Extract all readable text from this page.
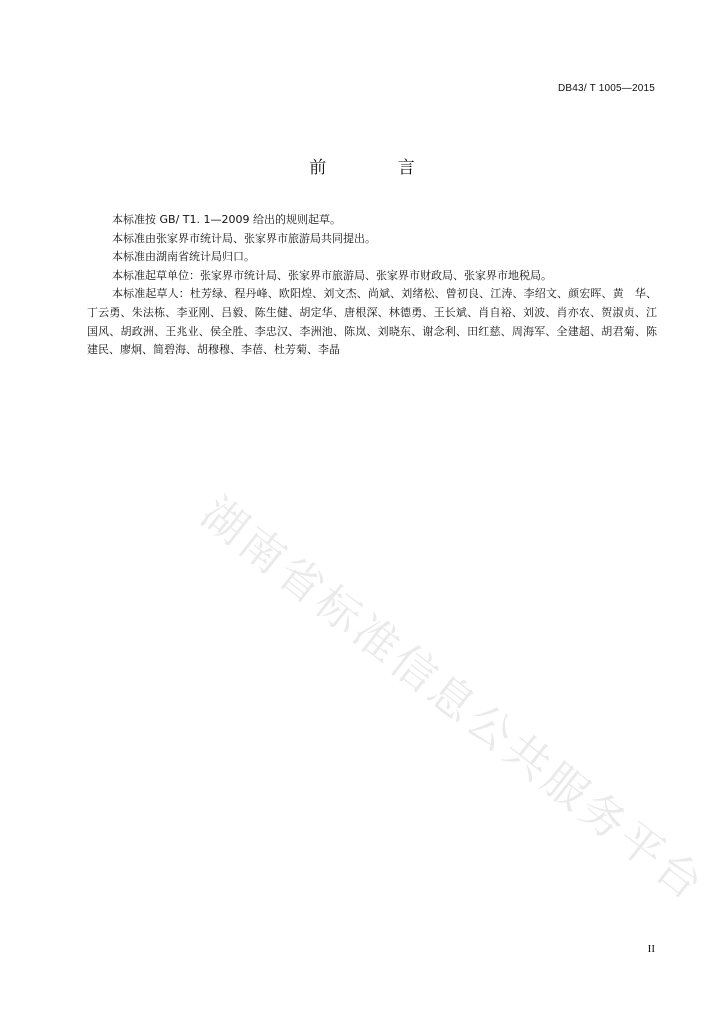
DB43/ T 1005—2015
前 言

本标准按 GB/ T1. 1—2009 给出的规则起草。

本标准由张家界市统计局、张家界市旅游局共同提出。

本标准由湖南省统计局归口。

本标准起草单位：张家界市统计局、张家界市旅游局、张家界市财政局、张家界市地税局。

本标准起草人：杜芳绿、程丹峰、欧阳煌、刘文杰、尚斌、刘绪松、曾初良、江涛、李绍文、颜宏晖、黄　华、丁云勇、朱法栋、李亚刚、吕毅、陈生健、胡定华、唐根深、林德勇、王长斌、肖自裕、刘波、肖亦农、贺淑贞、江国风、胡政洲、王兆业、侯全胜、李忠汉、李洲池、陈岚、刘晓东、谢念利、田红慈、周海军、全建超、胡君菊、陈建民、廖炯、简碧海、胡穆穆、李蓓、杜芳菊、李晶

湖南省标准信息公共服务平台
II
